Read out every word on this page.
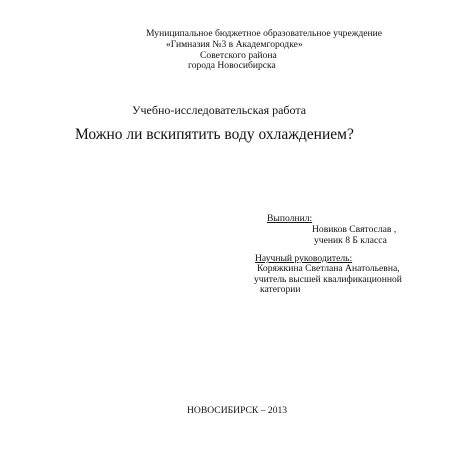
Муниципальное бюджетное образовательное учреждение
«Гимназия №3 в Академгородке»
Советского района
города Новосибирска
Учебно-исследовательская работа
Можно ли вскипятить воду охлаждением?
Выполнил:
Новиков Святослав ,
ученик 8 Б класса
Научный руководитель:
Коряжкина Светлана Анатольевна,
учитель высшей квалификационной
категории
НОВОСИБИРСК – 2013
